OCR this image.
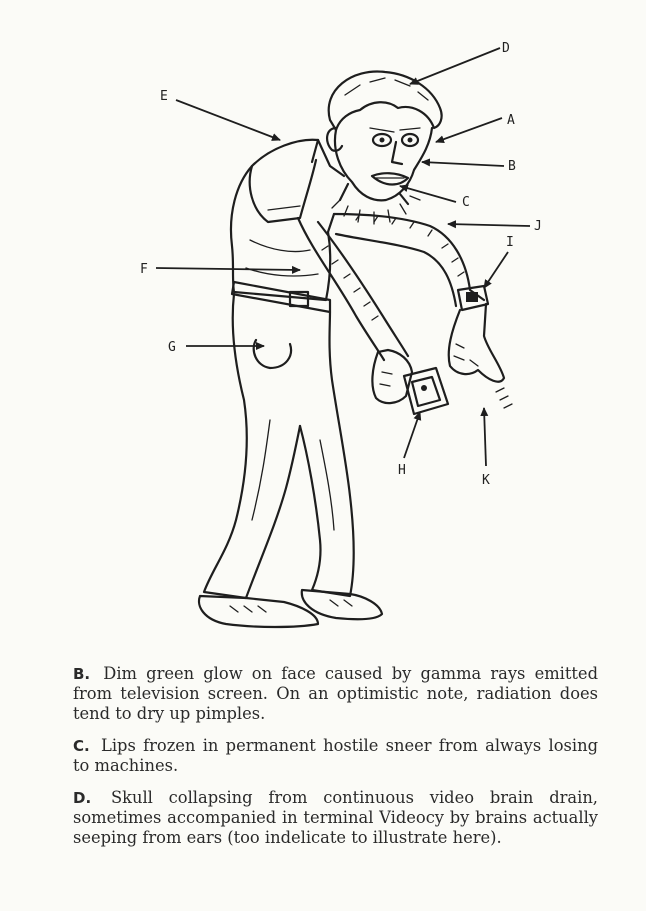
D
A
B
C
E
J
I
F
G
H
K

B. Dim green glow on face caused by gamma rays emitted from television screen. On an optimistic note, radiation does tend to dry up pimples.

C. Lips frozen in permanent hostile sneer from always losing to machines.

D. Skull collapsing from continuous video brain drain, sometimes accompanied in terminal Videocy by brains actually seeping from ears (too indelicate to illustrate here).
